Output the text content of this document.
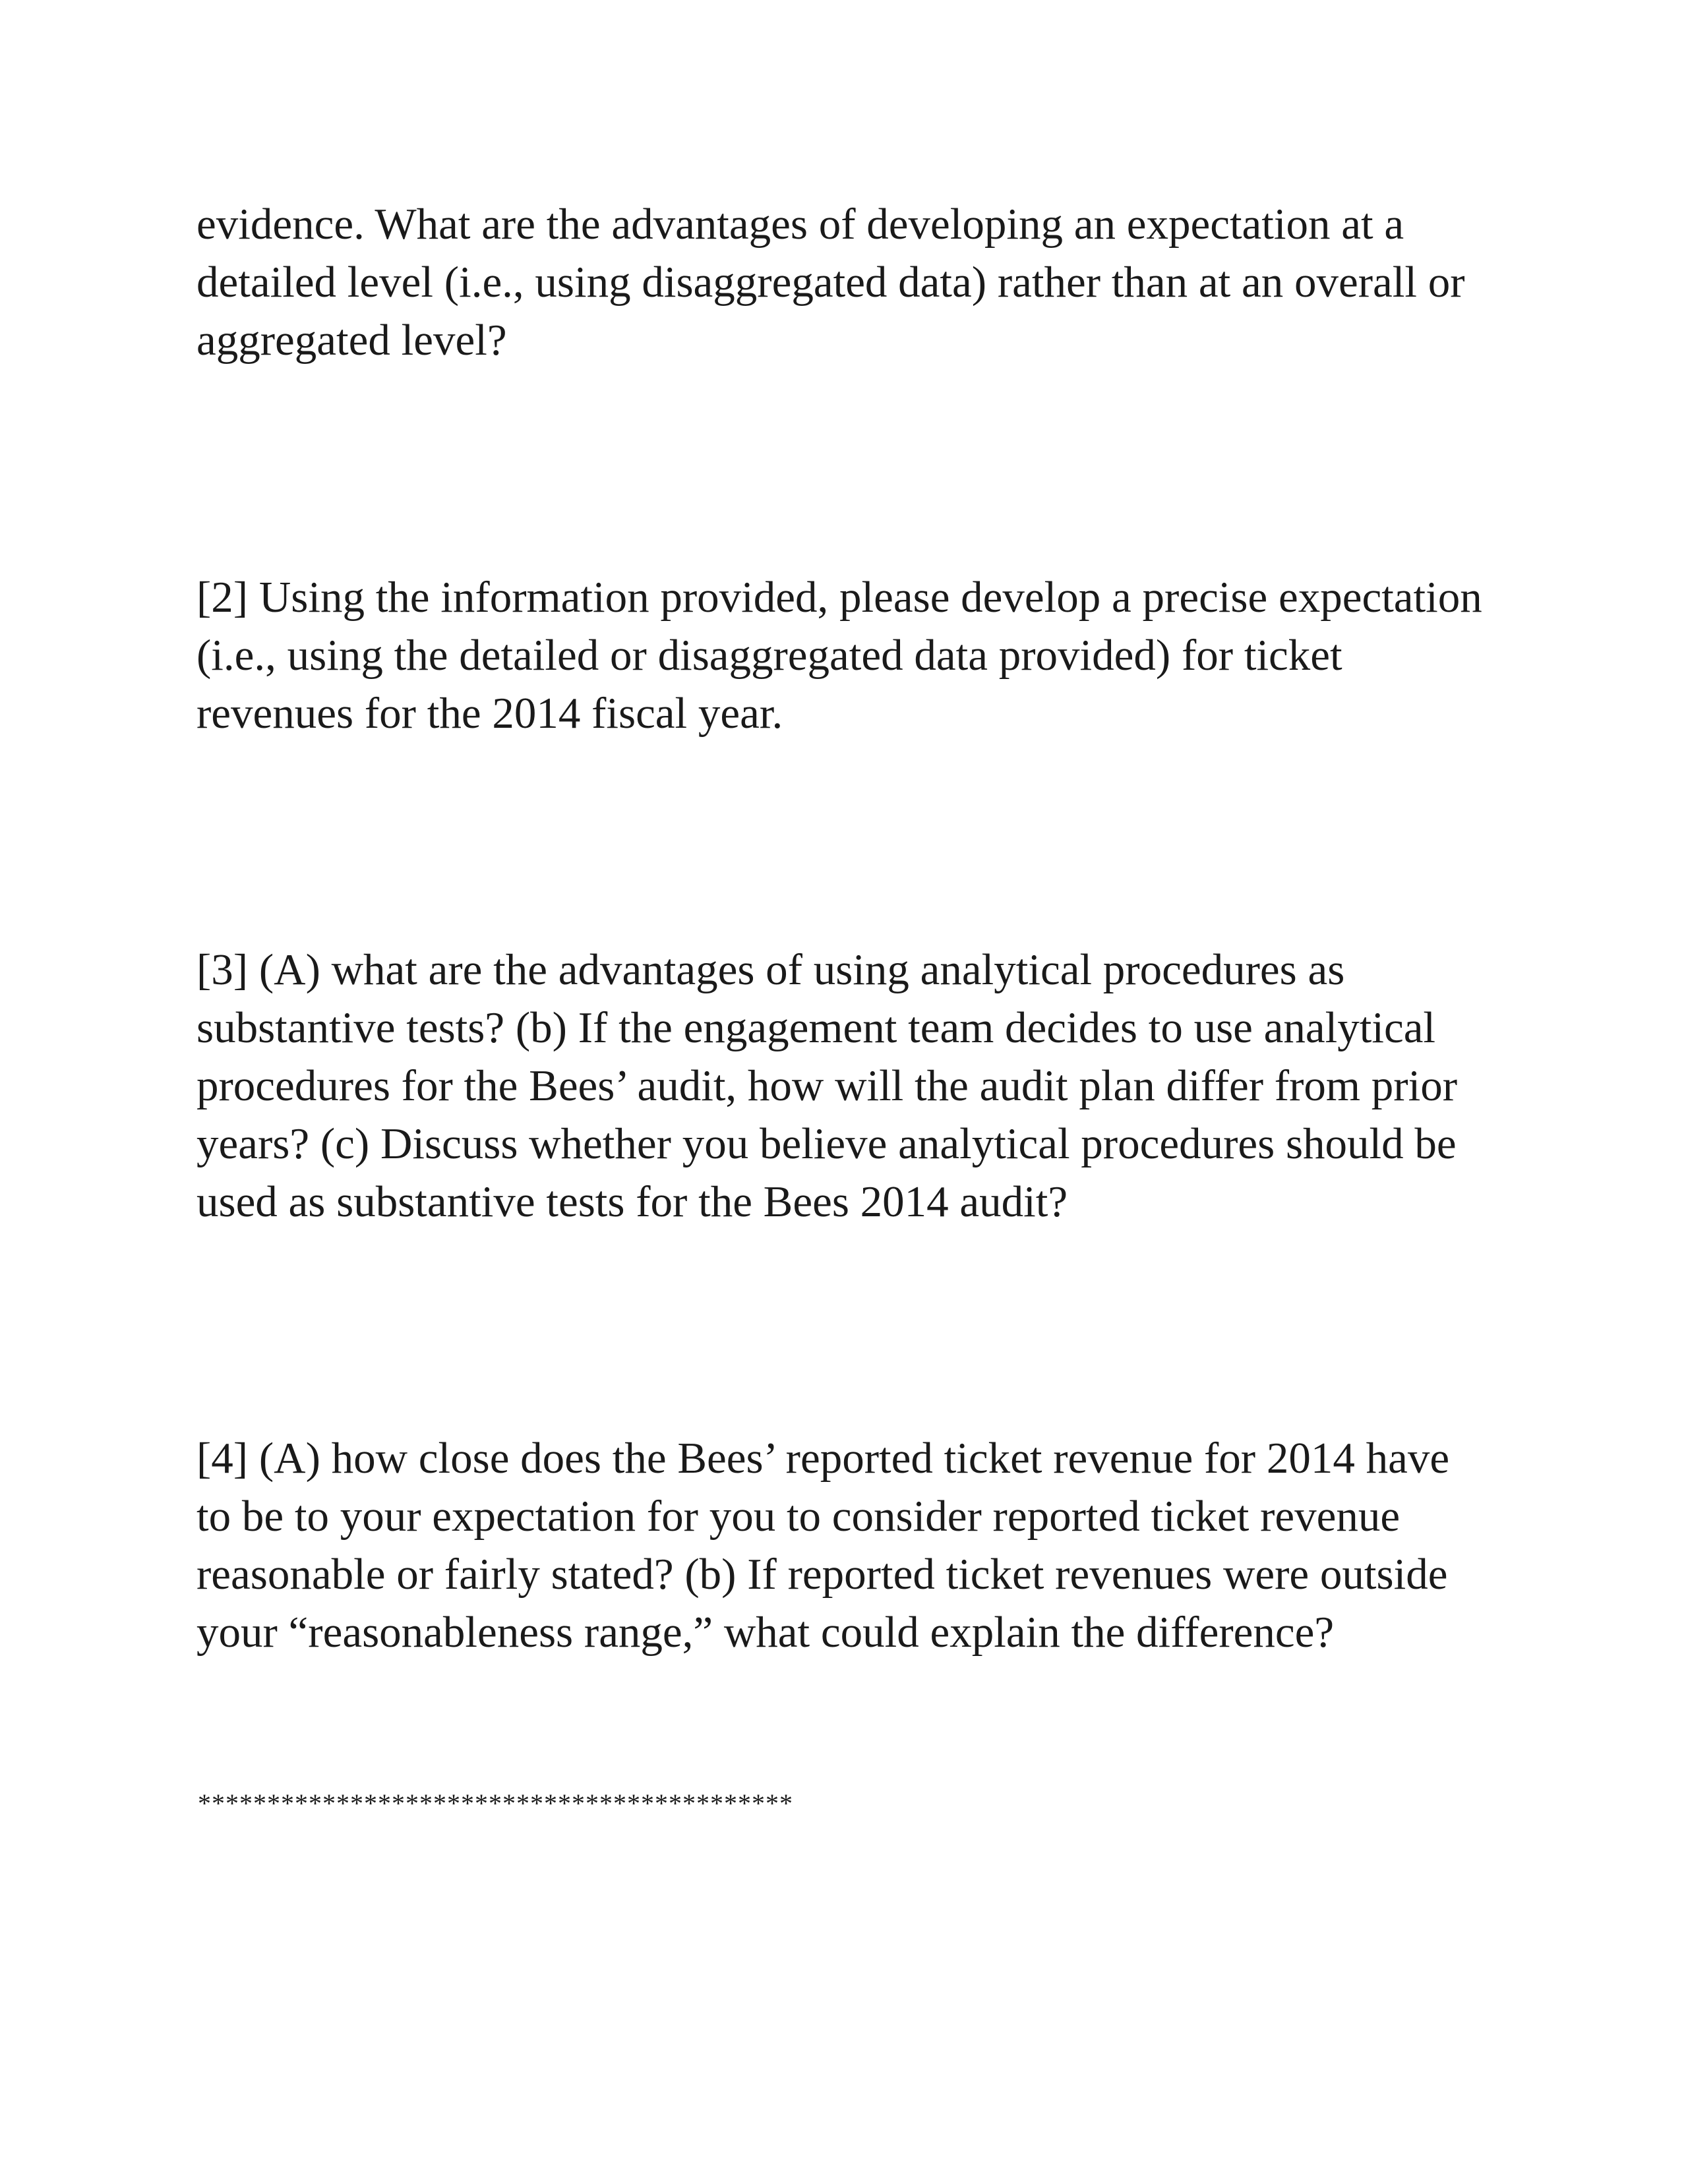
evidence. What are the advantages of developing an expectation at a
detailed level (i.e., using disaggregated data) rather than at an overall or
aggregated level?

[2] Using the information provided, please develop a precise expectation
(i.e., using the detailed or disaggregated data provided) for ticket
revenues for the 2014 fiscal year.

[3] (A) what are the advantages of using analytical procedures as
substantive tests? (b) If the engagement team decides to use analytical
procedures for the Bees’ audit, how will the audit plan differ from prior
years? (c) Discuss whether you believe analytical procedures should be
used as substantive tests for the Bees 2014 audit?

[4] (A) how close does the Bees’ reported ticket revenue for 2014 have
to be to your expectation for you to consider reported ticket revenue
reasonable or fairly stated? (b) If reported ticket revenues were outside
your “reasonableness range,” what could explain the difference?

*******************************************
